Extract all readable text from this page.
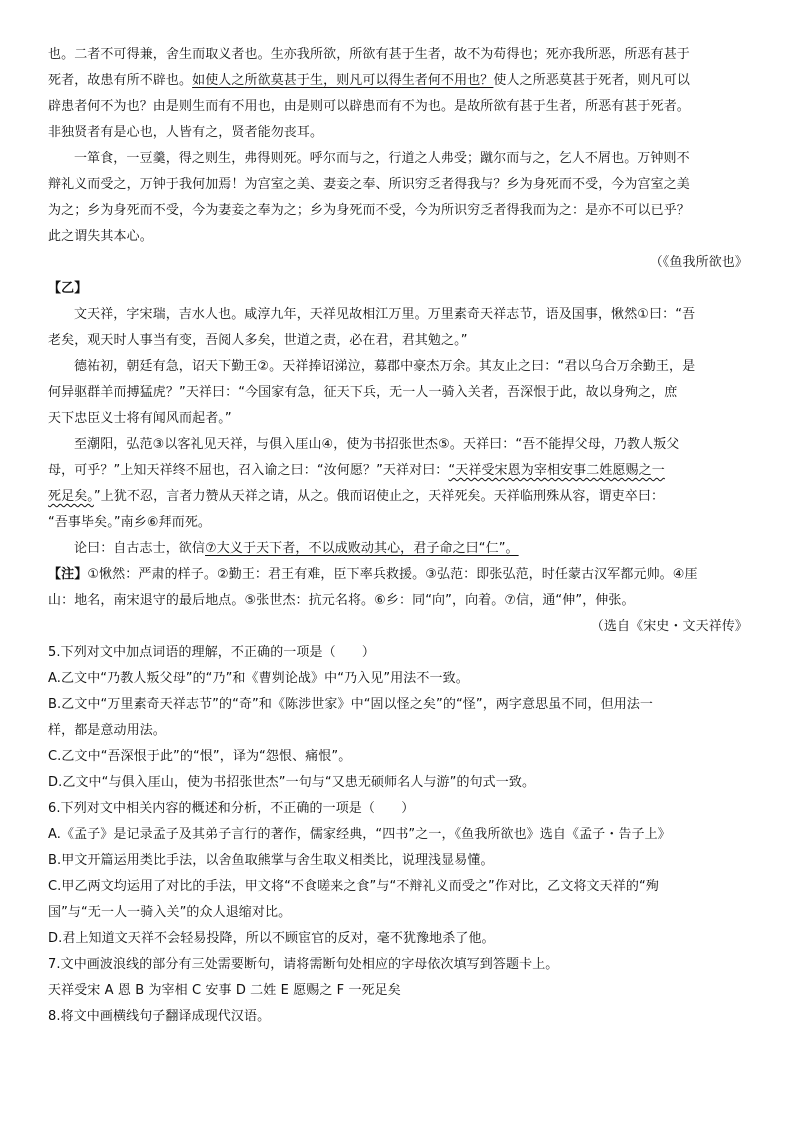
也。二者不可得兼，舍生而取义者也。生亦我所欲，所欲有甚于生者，故不为苟得也；死亦我所恶，所恶有甚于
死者，故患有所不辟也。如使人之所欲莫甚于生，则凡可以得生者何不用也？使人之所恶莫甚于死者，则凡可以
辟患者何不为也？由是则生而有不用也，由是则可以辟患而有不为也。是故所欲有甚于生者，所恶有甚于死者。
非独贤者有是心也，人皆有之，贤者能勿丧耳。
一箪食，一豆羹，得之则生，弗得则死。呼尔而与之，行道之人弗受；蹴尔而与之，乞人不屑也。万钟则不
辩礼义而受之，万钟于我何加焉！为宫室之美、妻妾之奉、所识穷乏者得我与？乡为身死而不受，今为宫室之美
为之；乡为身死而不受，今为妻妾之奉为之；乡为身死而不受，今为所识穷乏者得我而为之：是亦不可以已乎？
此之谓失其本心。
（《鱼我所欲也》
【乙】
文天祥，字宋瑞，吉水人也。咸淳九年，天祥见故相江万里。万里素奇天祥志节，语及国事，愀然①曰：“吾
老矣，观天时人事当有变，吾阅人多矣，世道之责，必在君，君其勉之。”
德祐初，朝廷有急，诏天下勤王②。天祥捧诏涕泣，募郡中豪杰万余。其友止之曰：“君以乌合万余勤王，是
何异驱群羊而搏猛虎？”天祥曰：“今国家有急，征天下兵，无一人一骑入关者，吾深恨于此，故以身殉之，庶
天下忠臣义士将有闻风而起者。”
至潮阳，弘范③以客礼见天祥，与俱入厓山④，使为书招张世杰⑤。天祥曰：“吾不能捍父母，乃教人叛父
母，可乎？”上知天祥终不屈也，召入谕之曰：“汝何愿？”天祥对曰：“天祥受宋恩为宰相安事二姓愿赐之一
死足矣。”上犹不忍，言者力赞从天祥之请，从之。俄而诏使止之，天祥死矣。天祥临刑殊从容，谓吏卒曰：
“吾事毕矣。”南乡⑥拜而死。
论曰：自古志士，欲信⑦大义于天下者，不以成败动其心，君子命之曰“仁”。
【注】①愀然：严肃的样子。②勤王：君王有难，臣下率兵救援。③弘范：即张弘范，时任蒙古汉军都元帅。④厓
山：地名，南宋退守的最后地点。⑤张世杰：抗元名将。⑥乡：同“向”，向着。⑦信，通“伸”，伸张。
（选自《宋史・文天祥传》
5.下列对文中加点词语的理解，不正确的一项是（　　）
A.乙文中“乃教人叛父母”的“乃”和《曹刿论战》中“乃入见”用法不一致。
B.乙文中“万里素奇天祥志节”的“奇”和《陈涉世家》中“固以怪之矣”的“怪”，两字意思虽不同，但用法一
样，都是意动用法。
C.乙文中“吾深恨于此”的“恨”，译为“怨恨、痛恨”。
D.乙文中“与俱入厓山，使为书招张世杰”一句与“又患无硕师名人与游”的句式一致。
6.下列对文中相关内容的概述和分析，不正确的一项是（　　）
A.《孟子》是记录孟子及其弟子言行的著作，儒家经典，“四书”之一，《鱼我所欲也》选自《孟子・告子上》
B.甲文开篇运用类比手法，以舍鱼取熊掌与舍生取义相类比，说理浅显易懂。
C.甲乙两文均运用了对比的手法，甲文将“不食嗟来之食”与“不辩礼义而受之”作对比，乙文将文天祥的“殉
国”与“无一人一骑入关”的众人退缩对比。
D.君上知道文天祥不会轻易投降，所以不顾宦官的反对，毫不犹豫地杀了他。
7.文中画波浪线的部分有三处需要断句，请将需断句处相应的字母依次填写到答题卡上。
天祥受宋 A 恩 B 为宰相 C 安事 D 二姓 E 愿赐之 F 一死足矣
8.将文中画横线句子翻译成现代汉语。
